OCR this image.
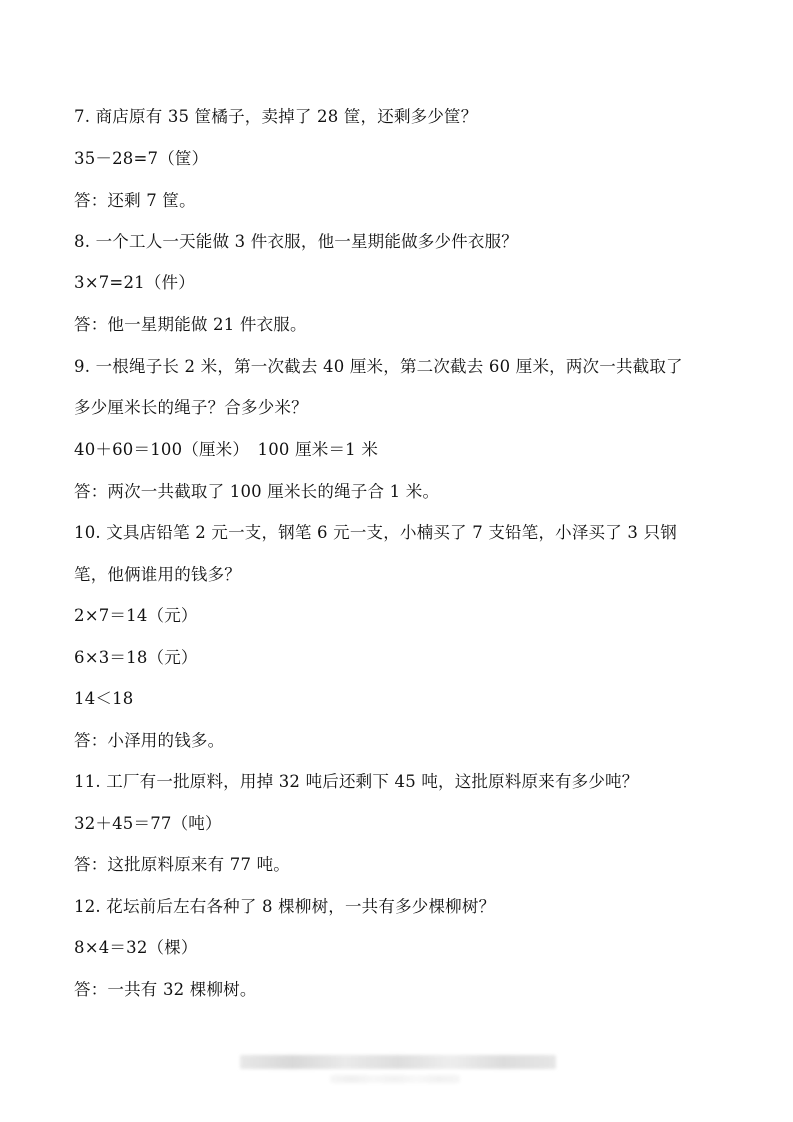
7. 商店原有 35 筐橘子，卖掉了 28 筐，还剩多少筐？
35－28=7（筐）
答：还剩 7 筐。
8. 一个工人一天能做 3 件衣服，他一星期能做多少件衣服？
3×7=21（件）
答：他一星期能做 21 件衣服。
9. 一根绳子长 2 米，第一次截去 40 厘米，第二次截去 60 厘米，两次一共截取了
多少厘米长的绳子？合多少米？
40＋60＝100（厘米）　100 厘米＝1 米
答：两次一共截取了 100 厘米长的绳子合 1 米。
10. 文具店铅笔 2 元一支，钢笔 6 元一支，小楠买了 7 支铅笔，小泽买了 3 只钢
笔，他俩谁用的钱多？
2×7＝14（元）
6×3＝18（元）
14＜18
答：小泽用的钱多。
11. 工厂有一批原料，用掉 32 吨后还剩下 45 吨，这批原料原来有多少吨？
32＋45＝77（吨）
答：这批原料原来有 77 吨。
12. 花坛前后左右各种了 8 棵柳树，一共有多少棵柳树？
8×4＝32（棵）
答：一共有 32 棵柳树。
